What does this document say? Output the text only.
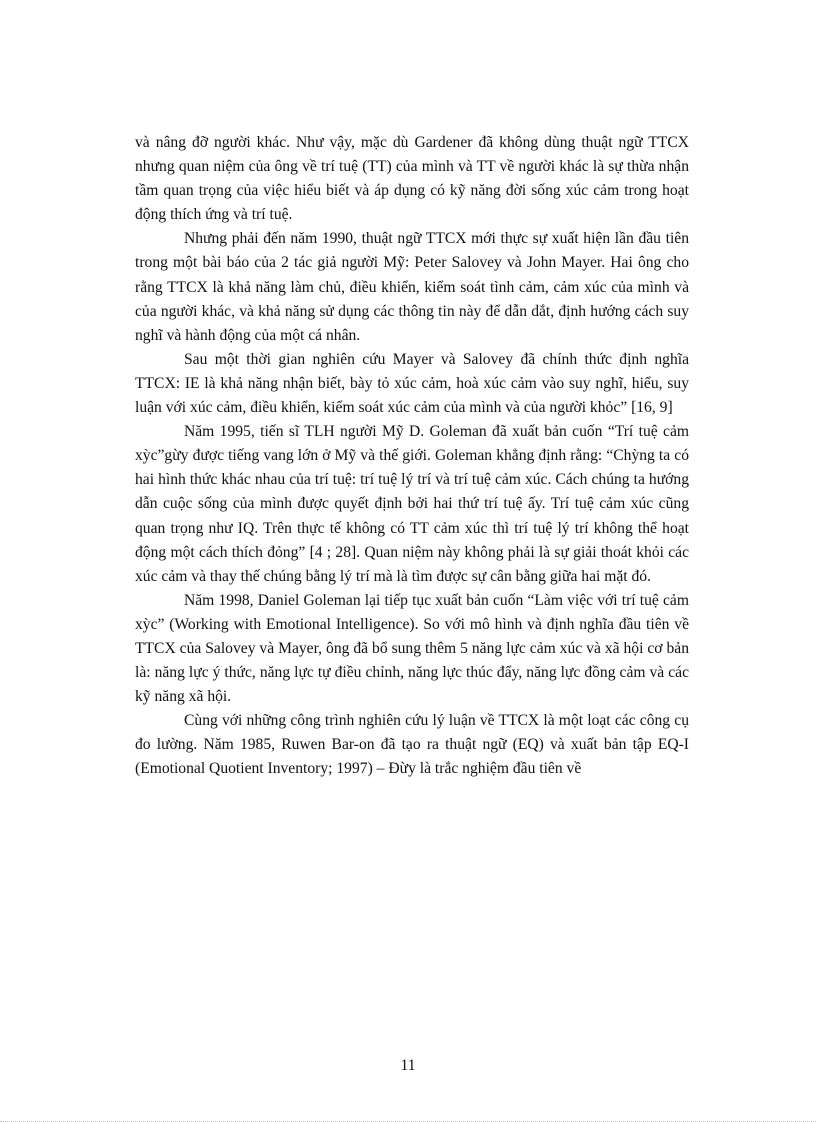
và nâng đỡ người khác. Như vậy, mặc dù Gardener đã không dùng thuật ngữ TTCX nhưng quan niệm của ông về trí tuệ (TT) của mình và TT về người khác là sự thừa nhận tầm quan trọng của việc hiểu biết và áp dụng có kỹ năng đời sống xúc cảm trong hoạt động thích ứng và trí tuệ.

Nhưng phải đến năm 1990, thuật ngữ TTCX mới thực sự xuất hiện lần đầu tiên trong một bài báo của 2 tác giả người Mỹ: Peter Salovey và John Mayer. Hai ông cho rằng TTCX là khả năng làm chủ, điều khiển, kiểm soát tình cảm, cảm xúc của mình và của người khác, và khả năng sử dụng các thông tin này để dẫn dắt, định hướng cách suy nghĩ và hành động của một cá nhân.

Sau một thời gian nghiên cứu Mayer và Salovey đã chính thức định nghĩa TTCX: IE là khả năng nhận biết, bày tỏ xúc cảm, hoà xúc cảm vào suy nghĩ, hiểu, suy luận với xúc cảm, điều khiển, kiểm soát xúc cảm của mình và của người khỏc” [16, 9]

Năm 1995, tiến sĩ TLH người Mỹ D. Goleman đã xuất bản cuốn “Trí tuệ cảm xỳc”gừy được tiếng vang lớn ở Mỹ và thế giới. Goleman khẳng định rằng: “Chỳng ta có hai hình thức khác nhau của trí tuệ: trí tuệ lý trí và trí tuệ cảm xúc. Cách chúng ta hướng dẫn cuộc sống của mình được quyết định bởi hai thứ trí tuệ ấy. Trí tuệ cảm xúc cũng quan trọng như IQ. Trên thực tế không có TT cảm xúc thì trí tuệ lý trí không thể hoạt động một cách thích đỏng” [4 ; 28]. Quan niệm này không phải là sự giải thoát khỏi các xúc cảm và thay thế chúng bằng lý trí mà là tìm được sự cân bằng giữa hai mặt đó.

Năm 1998, Daniel Goleman lại tiếp tục xuất bản cuốn “Làm việc với trí tuệ cảm xỳc” (Working with Emotional Intelligence). So với mô hình và định nghĩa đầu tiên về TTCX của Salovey và Mayer, ông đã bổ sung thêm 5 năng lực cảm xúc và xã hội cơ bản là: năng lực ý thức, năng lực tự điều chỉnh, năng lực thúc đẩy, năng lực đồng cảm và các kỹ năng xã hội.

Cùng với những công trình nghiên cứu lý luận về TTCX là một loạt các công cụ đo lường. Năm 1985, Ruwen Bar-on đã tạo ra thuật ngữ (EQ) và xuất bản tập EQ-I (Emotional Quotient Inventory; 1997) – Đừy là trắc nghiệm đầu tiên về

11
